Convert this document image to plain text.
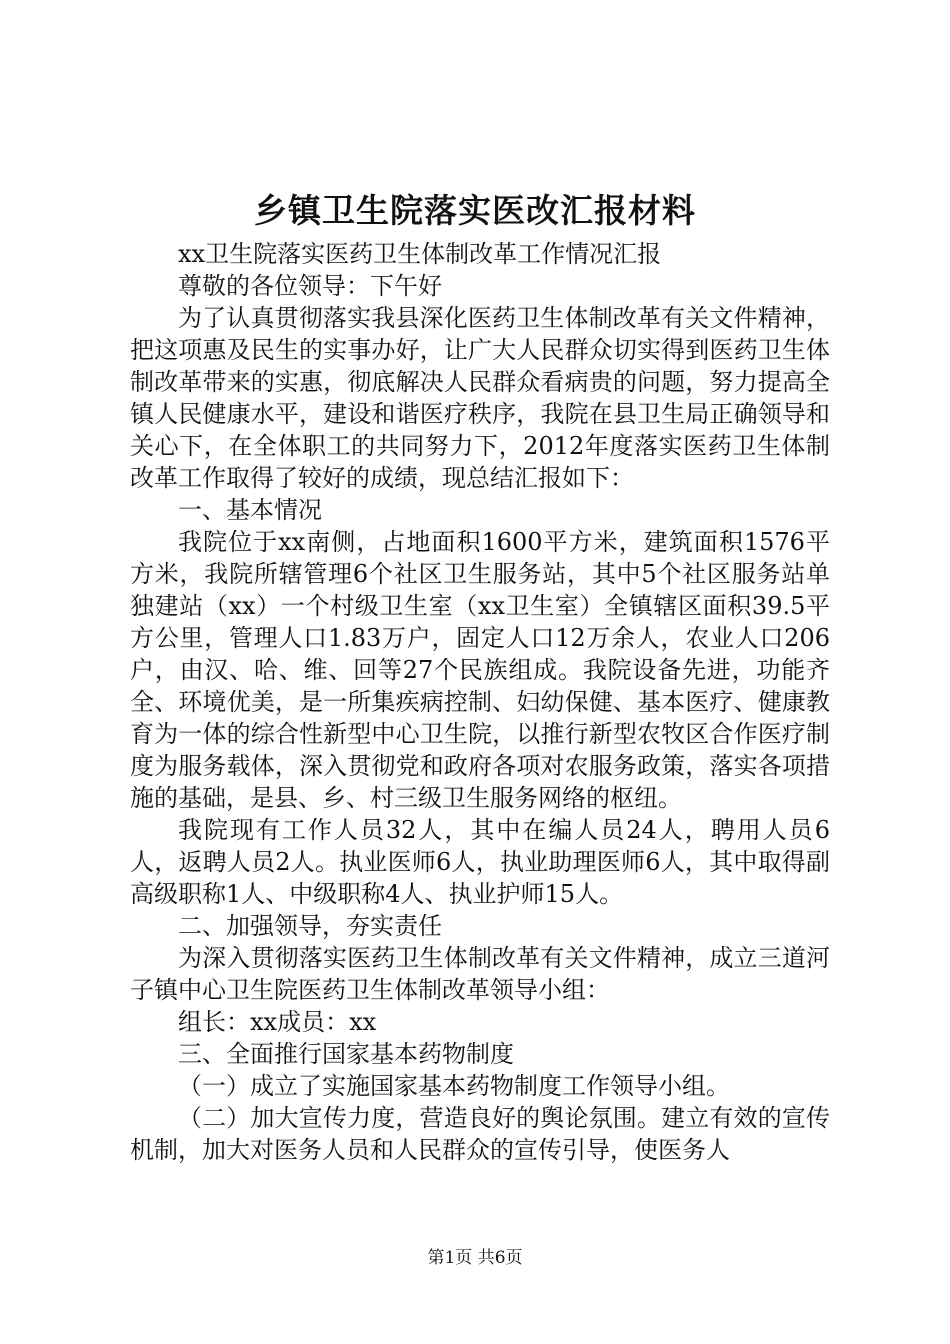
乡镇卫生院落实医改汇报材料

xx卫生院落实医药卫生体制改革工作情况汇报

尊敬的各位领导：下午好

为了认真贯彻落实我县深化医药卫生体制改革有关文件精神，把这项惠及民生的实事办好，让广大人民群众切实得到医药卫生体制改革带来的实惠，彻底解决人民群众看病贵的问题，努力提高全镇人民健康水平，建设和谐医疗秩序，我院在县卫生局正确领导和关心下，在全体职工的共同努力下，2012年度落实医药卫生体制改革工作取得了较好的成绩，现总结汇报如下：

一、基本情况

我院位于xx南侧，占地面积1600平方米，建筑面积1576平方米，我院所辖管理6个社区卫生服务站，其中5个社区服务站单独建站（xx）一个村级卫生室（xx卫生室）全镇辖区面积39.5平方公里，管理人口1.83万户，固定人口12万余人，农业人口206户，由汉、哈、维、回等27个民族组成。我院设备先进，功能齐全、环境优美，是一所集疾病控制、妇幼保健、基本医疗、健康教育为一体的综合性新型中心卫生院，以推行新型农牧区合作医疗制度为服务载体，深入贯彻党和政府各项对农服务政策，落实各项措施的基础，是县、乡、村三级卫生服务网络的枢纽。

我院现有工作人员32人，其中在编人员24人，聘用人员6人，返聘人员2人。执业医师6人，执业助理医师6人，其中取得副高级职称1人、中级职称4人、执业护师15人。

二、加强领导，夯实责任

为深入贯彻落实医药卫生体制改革有关文件精神，成立三道河子镇中心卫生院医药卫生体制改革领导小组：

组长：xx成员：xx

三、全面推行国家基本药物制度

（一）成立了实施国家基本药物制度工作领导小组。

（二）加大宣传力度，营造良好的舆论氛围。建立有效的宣传机制，加大对医务人员和人民群众的宣传引导，使医务人

第1页 共6页
